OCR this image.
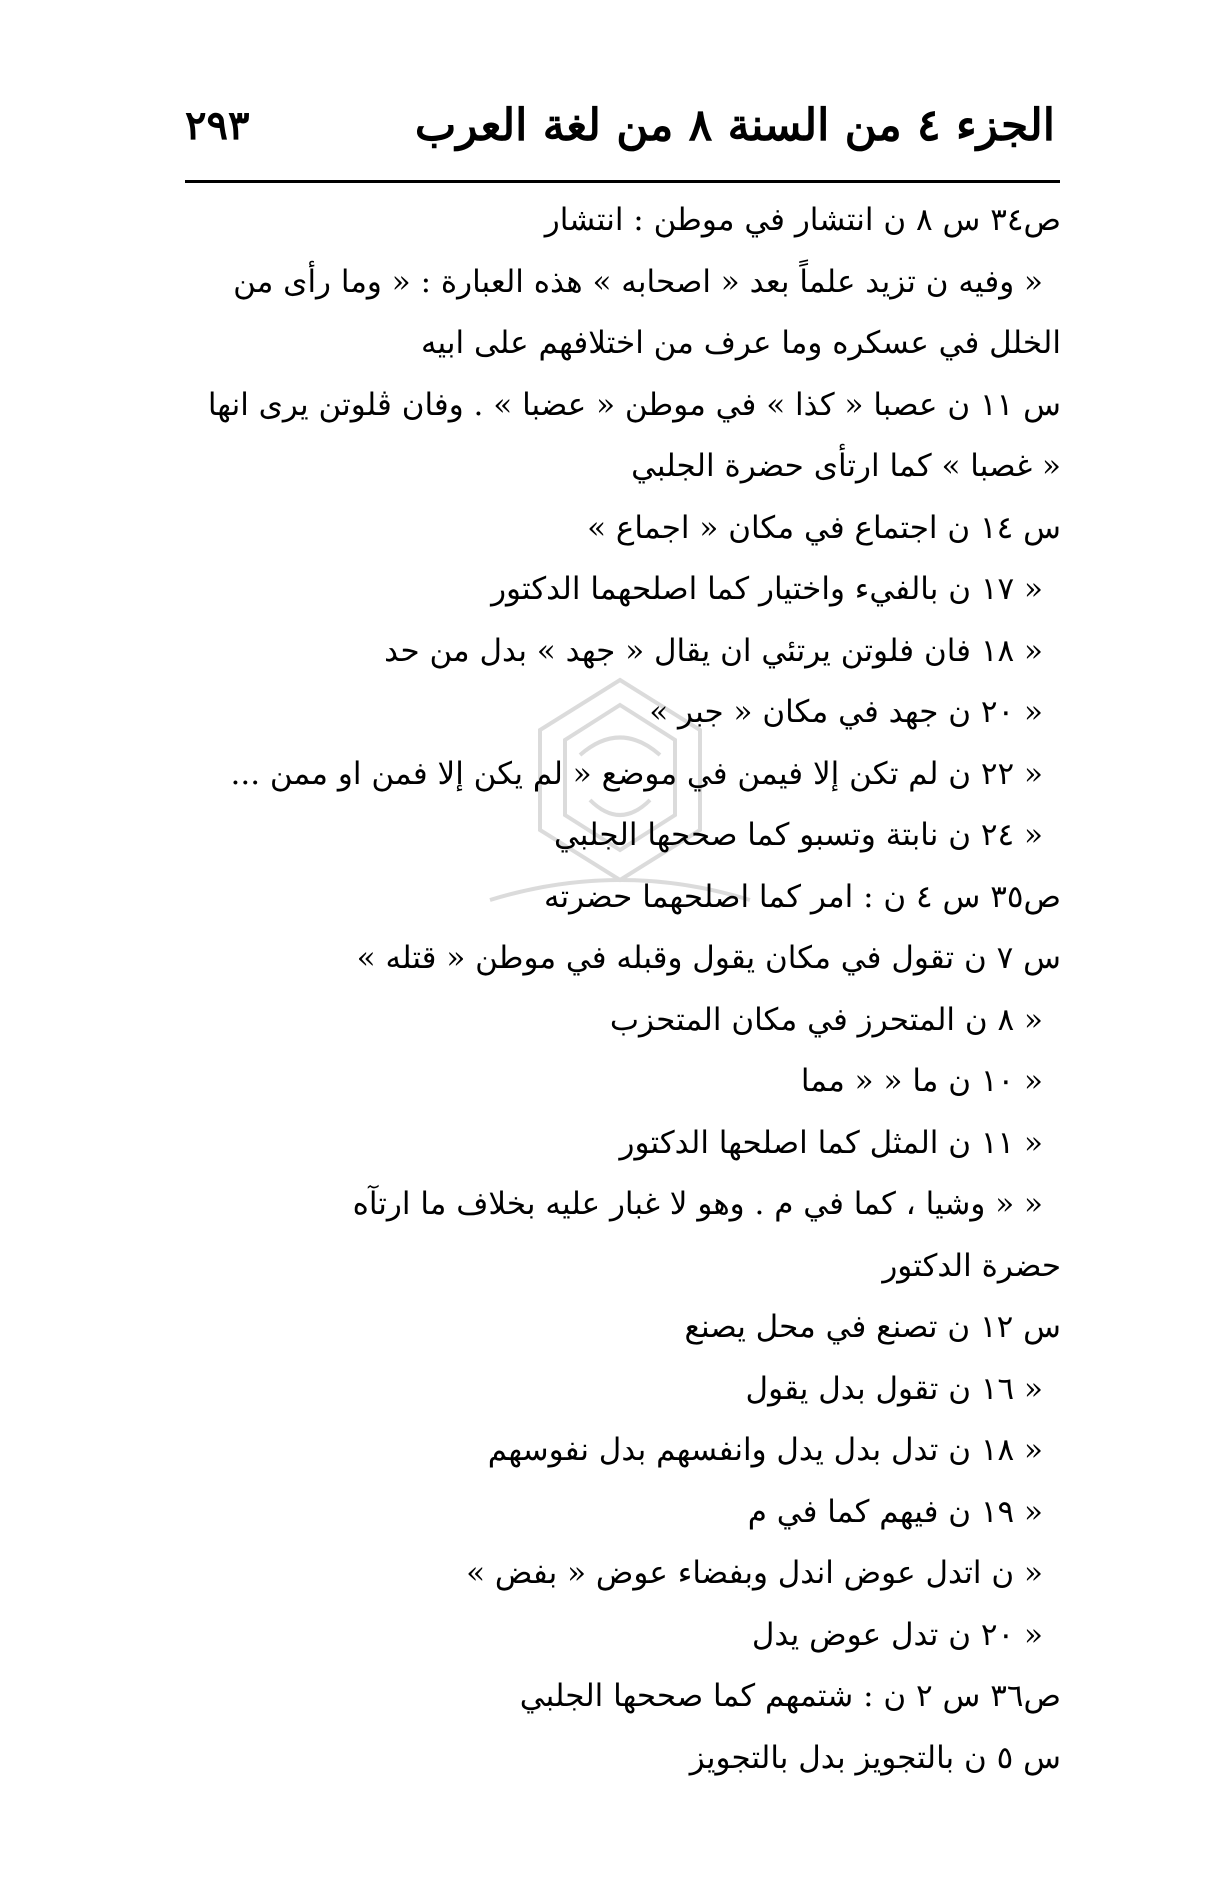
الجزء ٤ من السنة ٨ من لغة العرب
٢٩٣
ص٣٤ س ٨ ن انتشار في موطن : انتشار
« وفيه ن تزيد علماً بعد « اصحابه » هذه العبارة : « وما رأى من
الخلل في عسكره وما عرف من اختلافهم على ابيه
س ١١ ن عصبا « كذا » في موطن « عضبا » . وفان ڤلوتن يرى انها
« غصبا » كما ارتأى حضرة الجلبي
س ١٤ ن اجتماع في مكان « اجماع »
« ١٧ ن بالفيء واختيار كما اصلحهما الدكتور
« ١٨ فان فلوتن يرتئي ان يقال « جهد » بدل من حد
« ٢٠ ن جهد في مكان « جبر »
« ٢٢ ن لم تكن إلا فيمن في موضع « لم يكن إلا فمن او ممن ...
« ٢٤ ن نابتة وتسبو كما صححها الجلبي
ص٣٥ س ٤ ن : امر كما اصلحهما حضرته
س ٧ ن تقول في مكان يقول وقبله في موطن « قتله »
« ٨ ن المتحرز في مكان المتحزب
« ١٠ ن ما « « مما
« ١١ ن المثل كما اصلحها الدكتور
« « وشيا ، كما في م . وهو لا غبار عليه بخلاف ما ارتآه
حضرة الدكتور
س ١٢ ن تصنع في محل يصنع
« ١٦ ن تقول بدل يقول
« ١٨ ن تدل بدل يدل وانفسهم بدل نفوسهم
« ١٩ ن فيهم كما في م
« ن اتدل عوض اندل وبفضاء عوض « بفض »
« ٢٠ ن تدل عوض يدل
ص٣٦ س ٢ ن : شتمهم كما صححها الجلبي
س ٥ ن بالتجويز بدل بالتجويز
